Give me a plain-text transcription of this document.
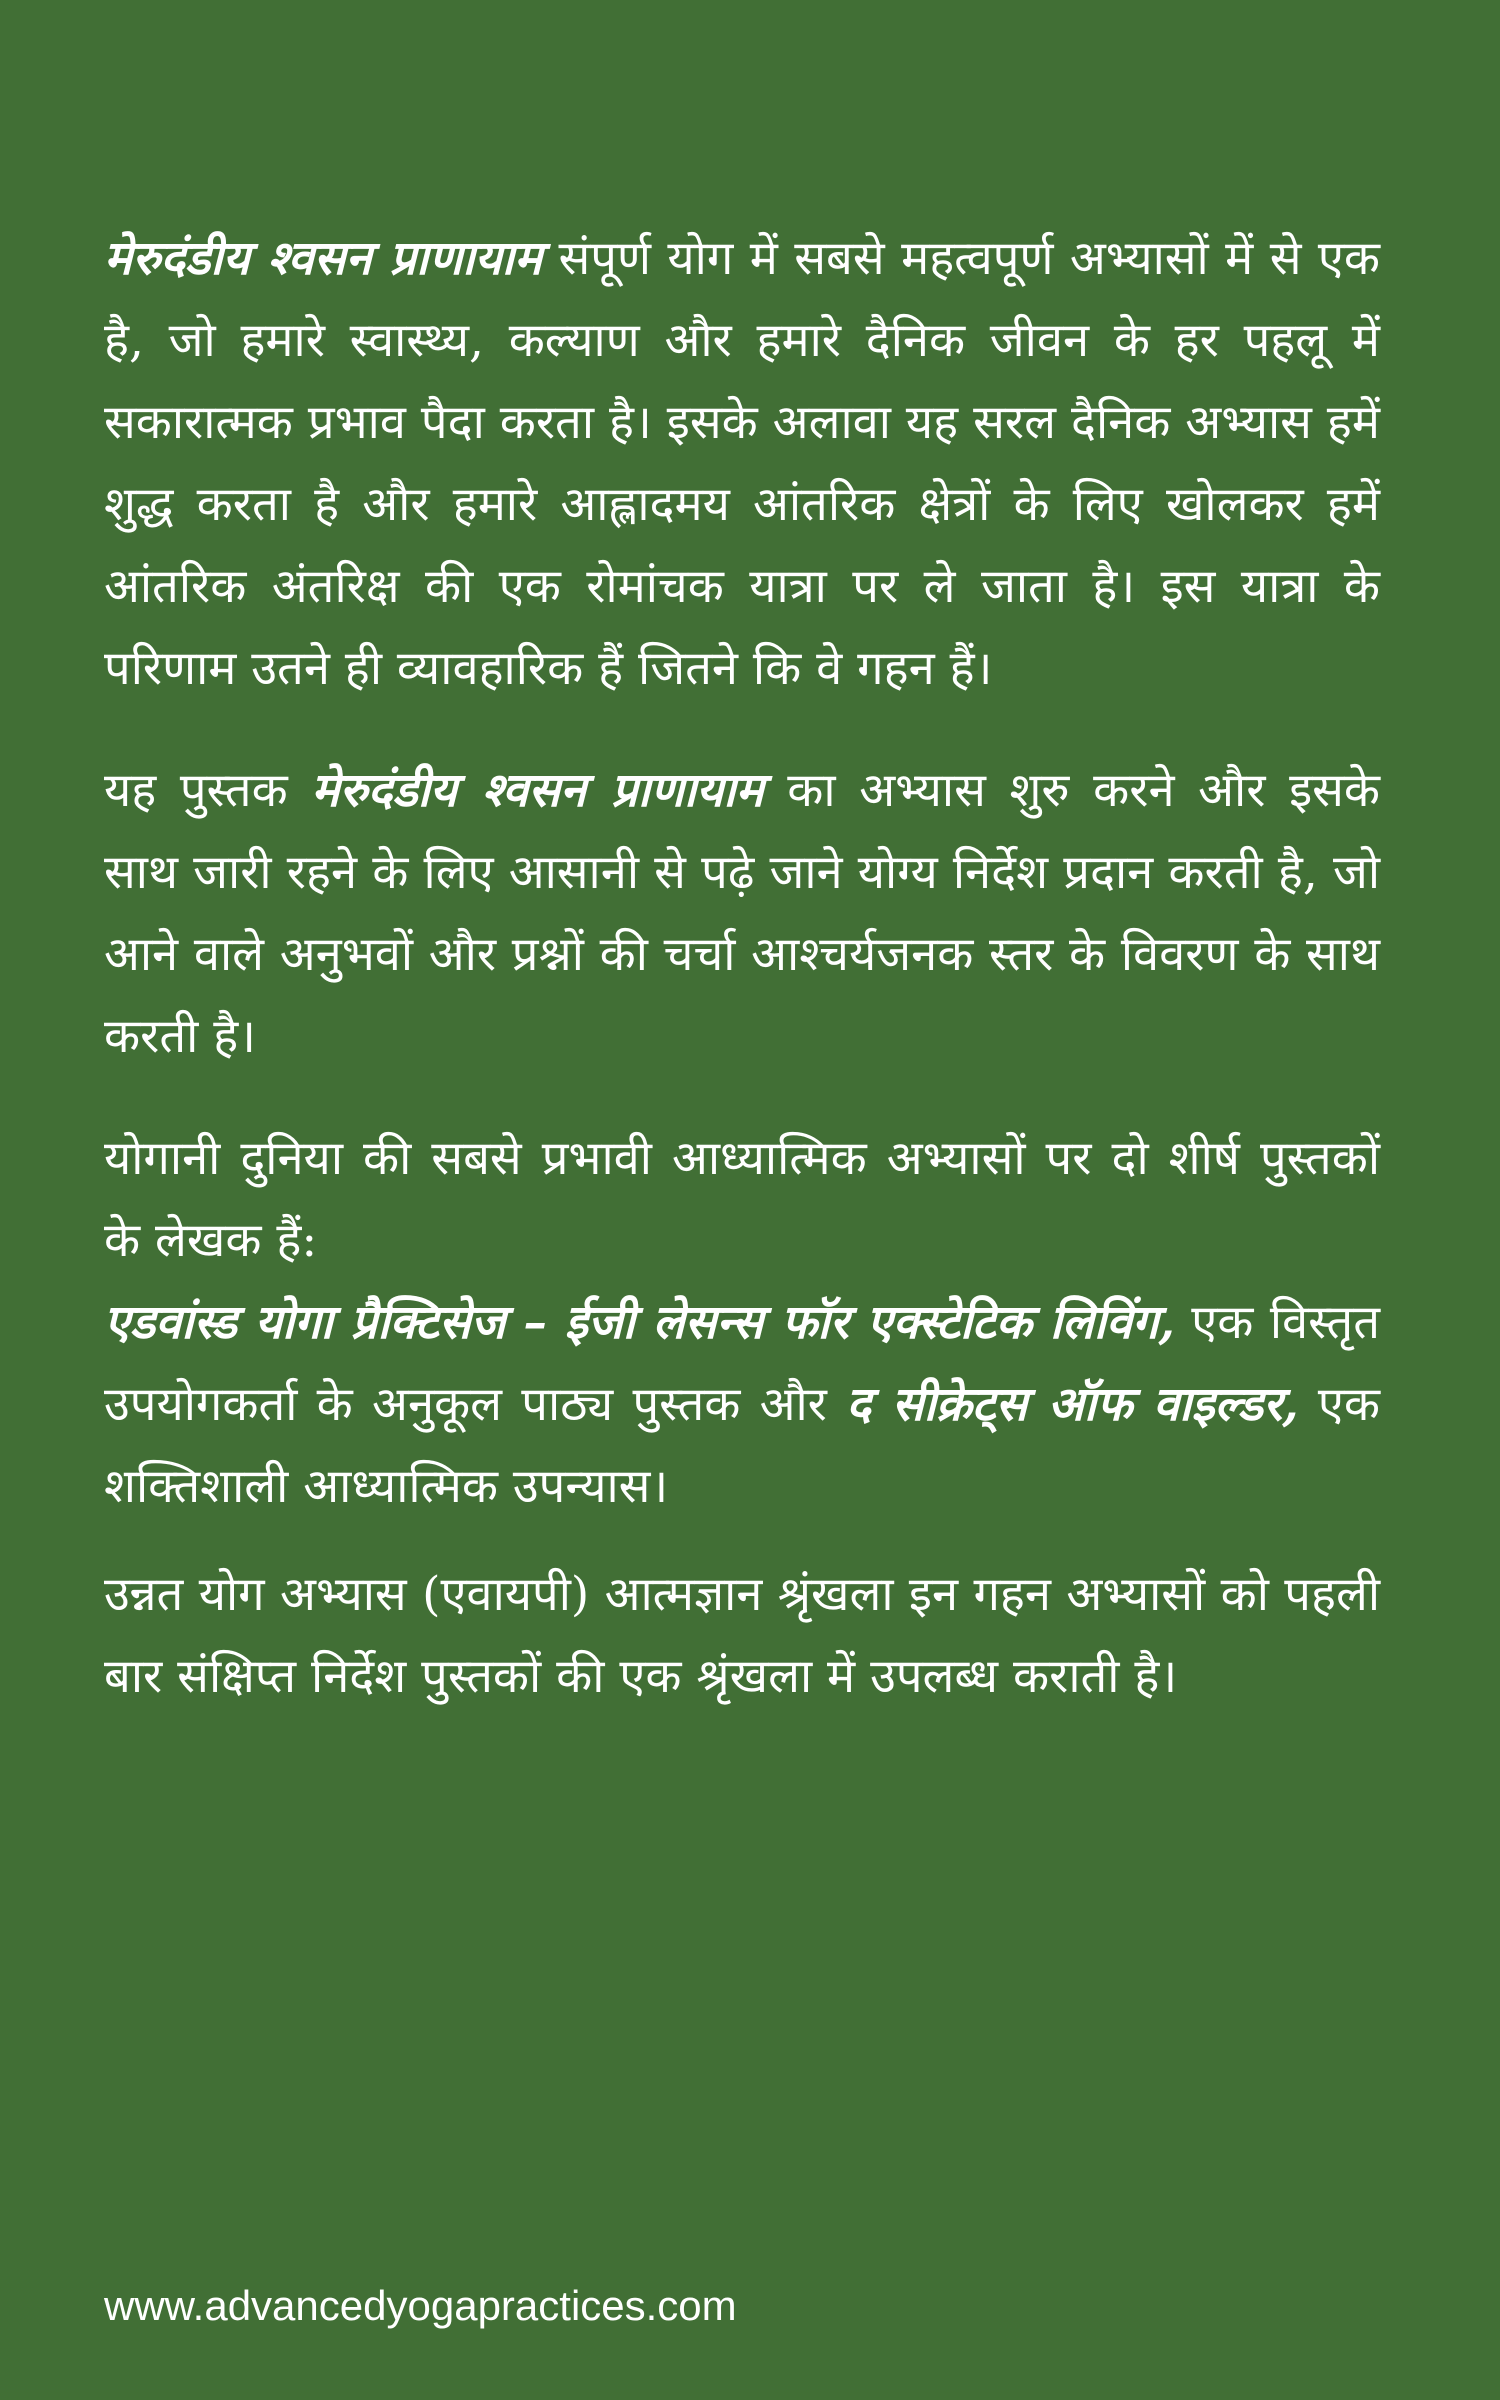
मेरुदंडीय श्वसन प्राणायाम संपूर्ण योग में सबसे महत्वपूर्ण अभ्यासों में से एक है, जो हमारे स्वास्थ्य, कल्याण और हमारे दैनिक जीवन के हर पहलू में सकारात्मक प्रभाव पैदा करता है। इसके अलावा यह सरल दैनिक अभ्यास हमें शुद्ध करता है और हमारे आह्लादमय आंतरिक क्षेत्रों के लिए खोलकर हमें आंतरिक अंतरिक्ष की एक रोमांचक यात्रा पर ले जाता है। इस यात्रा के परिणाम उतने ही व्यावहारिक हैं जितने कि वे गहन हैं।

यह पुस्तक मेरुदंडीय श्वसन प्राणायाम का अभ्यास शुरु करने और इसके साथ जारी रहने के लिए आसानी से पढ़े जाने योग्य निर्देश प्रदान करती है, जो आने वाले अनुभवों और प्रश्नों की चर्चा आश्चर्यजनक स्तर के विवरण के साथ करती है।

योगानी दुनिया की सबसे प्रभावी आध्यात्मिक अभ्यासों पर दो शीर्ष पुस्तकों के लेखक हैं:

एडवांस्ड योगा प्रैक्टिसेज – ईजी लेसन्स फॉर एक्स्टेटिक लिविंग, एक विस्तृत उपयोगकर्ता के अनुकूल पाठ्य पुस्तक और द सीक्रेट्स ऑफ वाइल्डर, एक शक्तिशाली आध्यात्मिक उपन्यास।

उन्नत योग अभ्यास (एवायपी) आत्मज्ञान श्रृंखला इन गहन अभ्यासों को पहली बार संक्षिप्त निर्देश पुस्तकों की एक श्रृंखला में उपलब्ध कराती है।

www.advancedyogapractices.com
